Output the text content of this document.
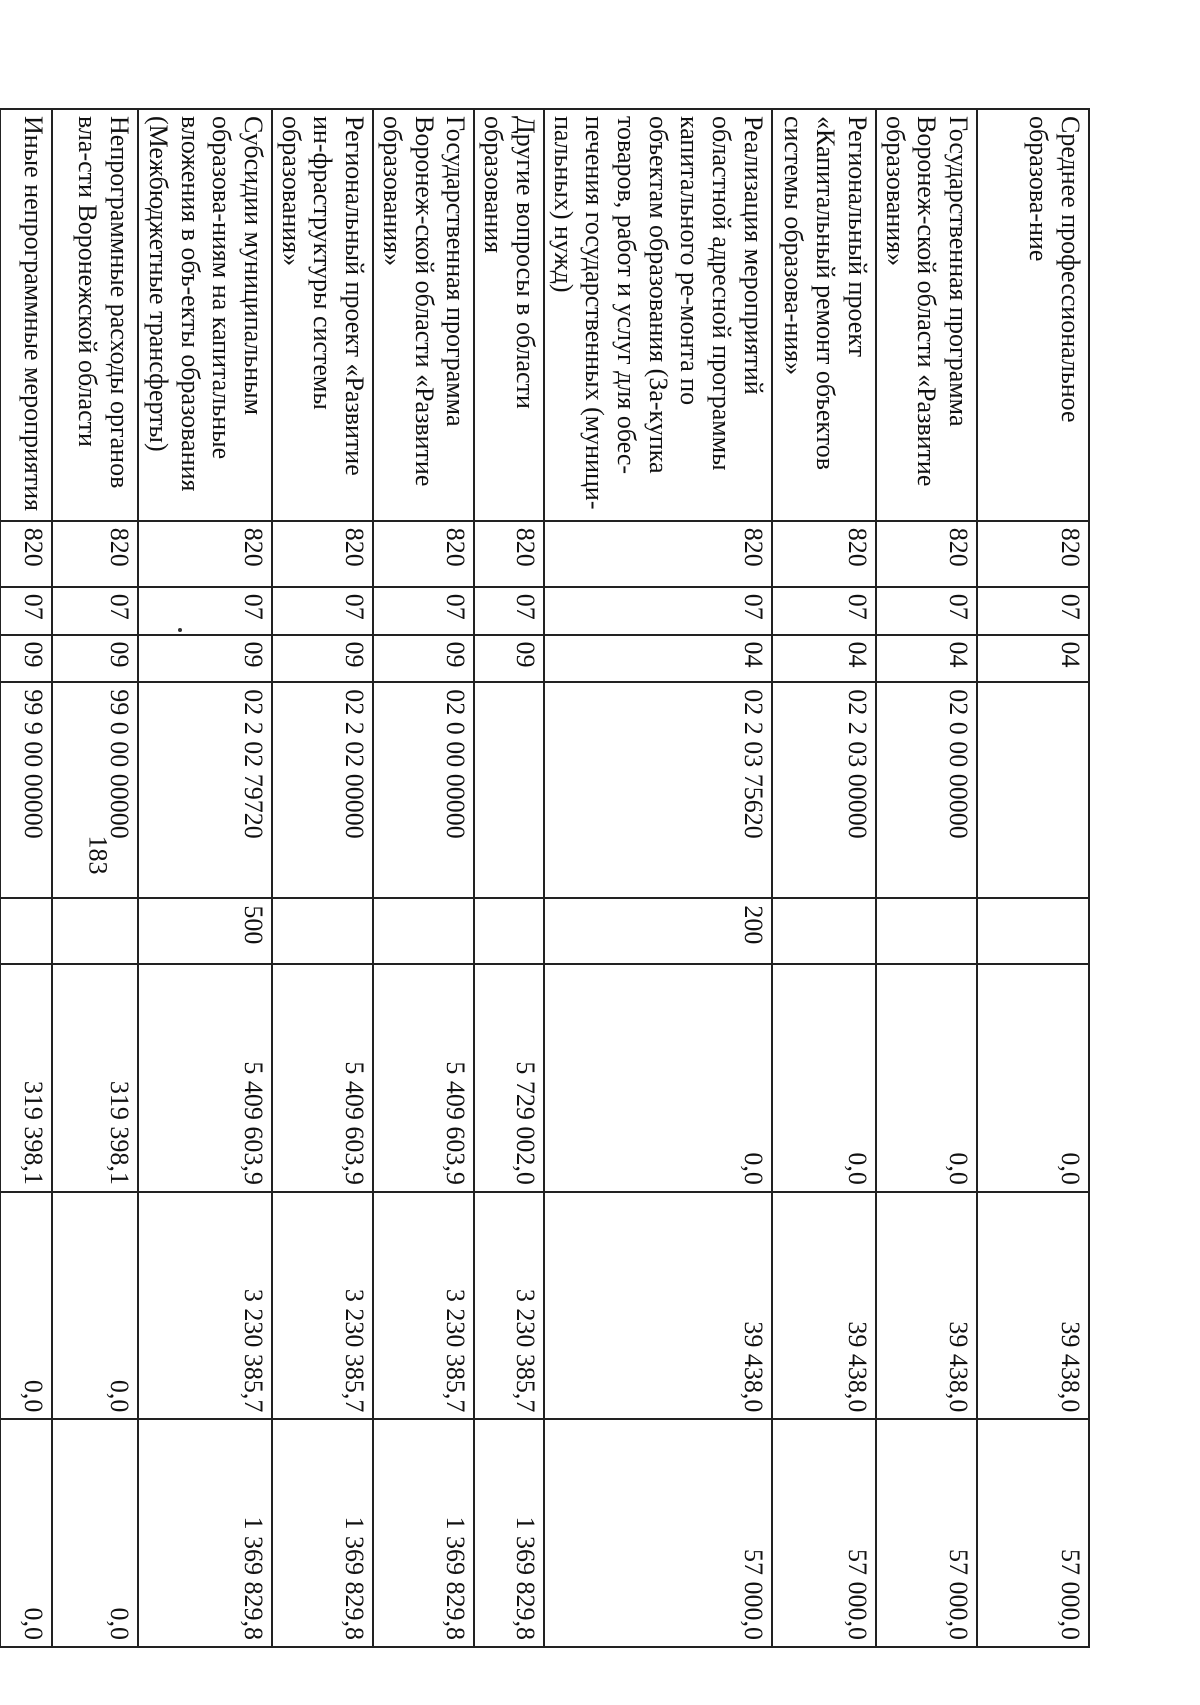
183
Среднее профессиональное образова-ние	820	07	04			0,0	39 438,0	57 000,0
Государственная программа Воронеж-ской области «Развитие образования»	820	07	04	02 0 00 00000		0,0	39 438,0	57 000,0
Региональный проект «Капитальный ремонт объектов системы образова-ния»	820	07	04	02 2 03 00000		0,0	39 438,0	57 000,0
Реализация мероприятий областной адресной программы капитального ре-монта по объектам образования (За-купка товаров, работ и услуг для обес-печения государственных (муници-пальных) нужд)	820	07	04	02 2 03 75620	200	0,0	39 438,0	57 000,0
Другие вопросы в области образования	820	07	09			5 729 002,0	3 230 385,7	1 369 829,8
Государственная программа Воронеж-ской области «Развитие образования»	820	07	09	02 0 00 00000		5 409 603,9	3 230 385,7	1 369 829,8
Региональный проект «Развитие ин-фраструктуры системы образования»	820	07	09	02 2 02 00000		5 409 603,9	3 230 385,7	1 369 829,8
Субсидии муниципальным образова-ниям на капитальные вложения в объ-екты образования (Межбюджетные трансферты)	820	07	09	02 2 02 79720	500	5 409 603,9	3 230 385,7	1 369 829,8
Непрограммные расходы органов вла-сти Воронежской области	820	07	09	99 0 00 00000		319 398,1	0,0	0,0
Иные непрограммные мероприятия	820	07	09	99 9 00 00000		319 398,1	0,0	0,0
